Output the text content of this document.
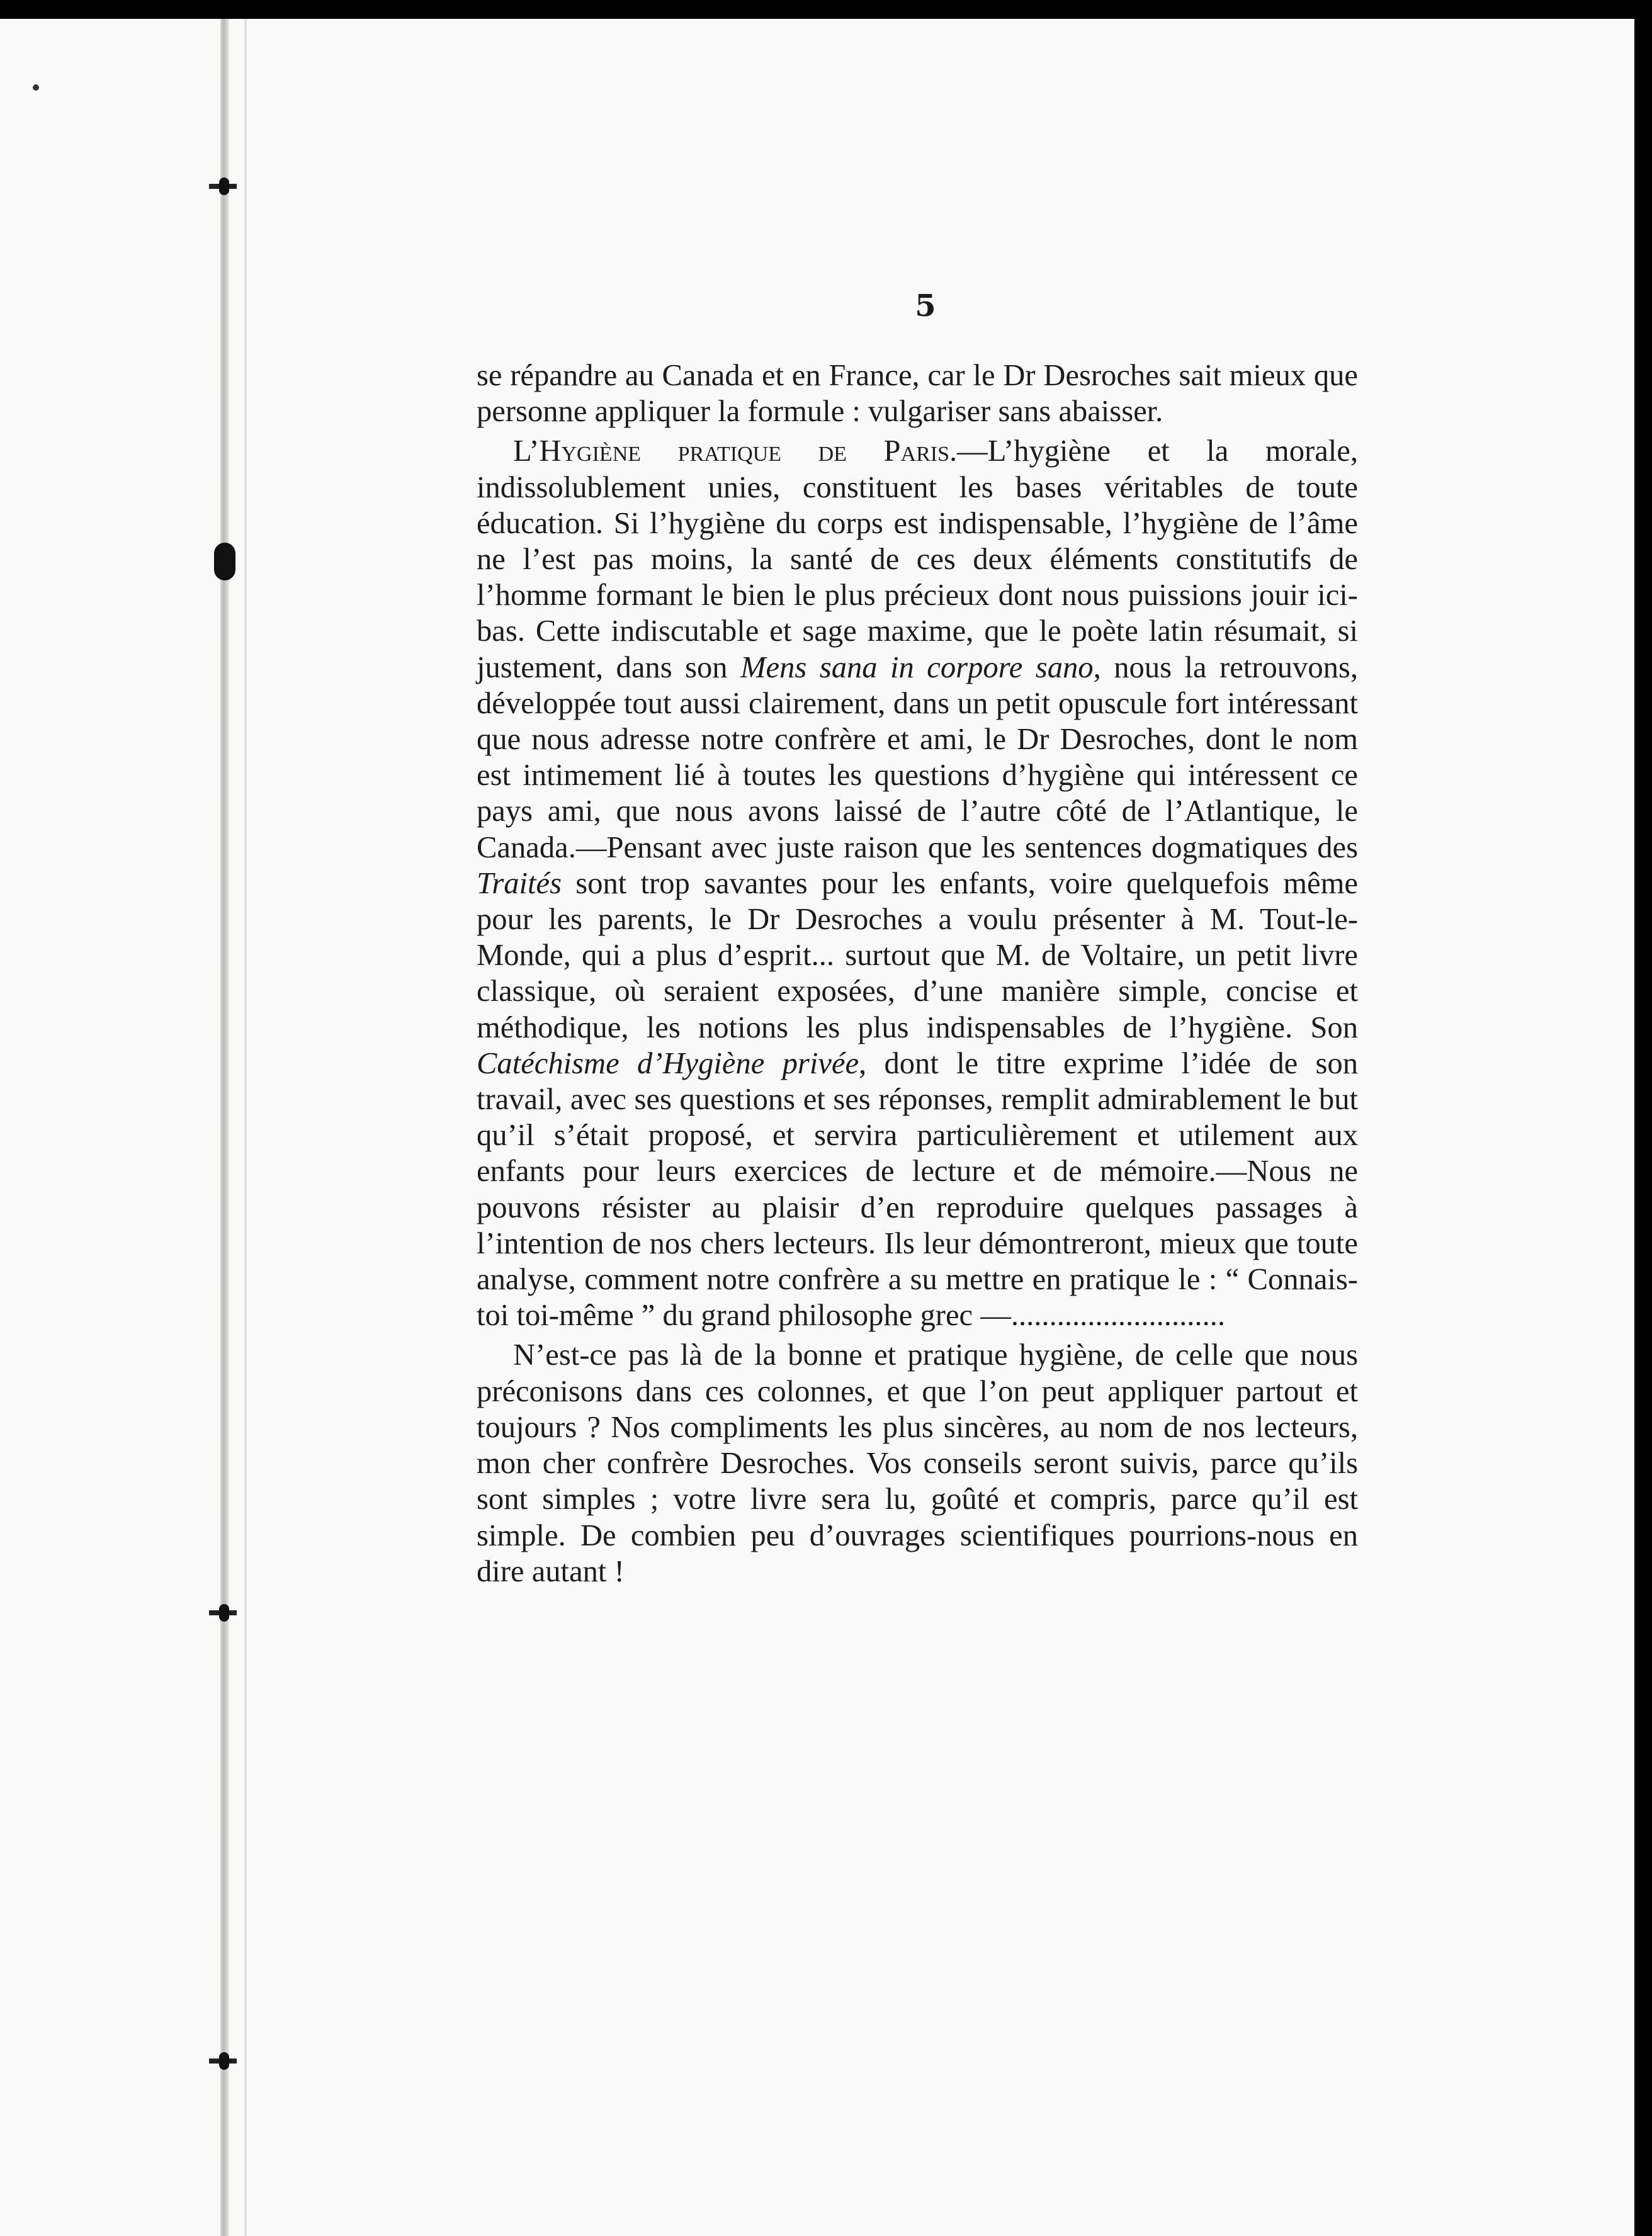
5

se répandre au Canada et en France, car le Dr Desroches sait mieux que personne appliquer la formule : vulgariser sans abaisser.

L’Hygiène pratique de Paris.—L’hygiène et la morale, indissolublement unies, constituent les bases véritables de toute éducation. Si l’hygiène du corps est indispensable, l’hygiène de l’âme ne l’est pas moins, la santé de ces deux éléments constitutifs de l’homme formant le bien le plus précieux dont nous puissions jouir ici-bas. Cette indiscutable et sage maxime, que le poète latin résumait, si justement, dans son Mens sana in corpore sano, nous la retrouvons, développée tout aussi clairement, dans un petit opuscule fort intéressant que nous adresse notre confrère et ami, le Dr Desroches, dont le nom est intimement lié à toutes les questions d’hygiène qui intéressent ce pays ami, que nous avons laissé de l’autre côté de l’Atlantique, le Canada.—Pensant avec juste raison que les sentences dogmatiques des Traités sont trop savantes pour les enfants, voire quelquefois même pour les parents, le Dr Desroches a voulu présenter à M. Tout-le-Monde, qui a plus d’esprit... surtout que M. de Voltaire, un petit livre classique, où seraient exposées, d’une manière simple, concise et méthodique, les notions les plus indispensables de l’hygiène. Son Catéchisme d’Hygiène privée, dont le titre exprime l’idée de son travail, avec ses questions et ses réponses, remplit admirablement le but qu’il s’était proposé, et servira particulièrement et utilement aux enfants pour leurs exercices de lecture et de mémoire.—Nous ne pouvons résister au plaisir d’en reproduire quelques passages à l’intention de nos chers lecteurs. Ils leur démontreront, mieux que toute analyse, comment notre confrère a su mettre en pratique le : “ Connais-toi toi-même ” du grand philosophe grec —............................

N’est-ce pas là de la bonne et pratique hygiène, de celle que nous préconisons dans ces colonnes, et que l’on peut appliquer partout et toujours ? Nos compliments les plus sincères, au nom de nos lecteurs, mon cher confrère Desroches. Vos conseils seront suivis, parce qu’ils sont simples ; votre livre sera lu, goûté et compris, parce qu’il est simple. De combien peu d’ouvrages scientifiques pourrions-nous en dire autant !
